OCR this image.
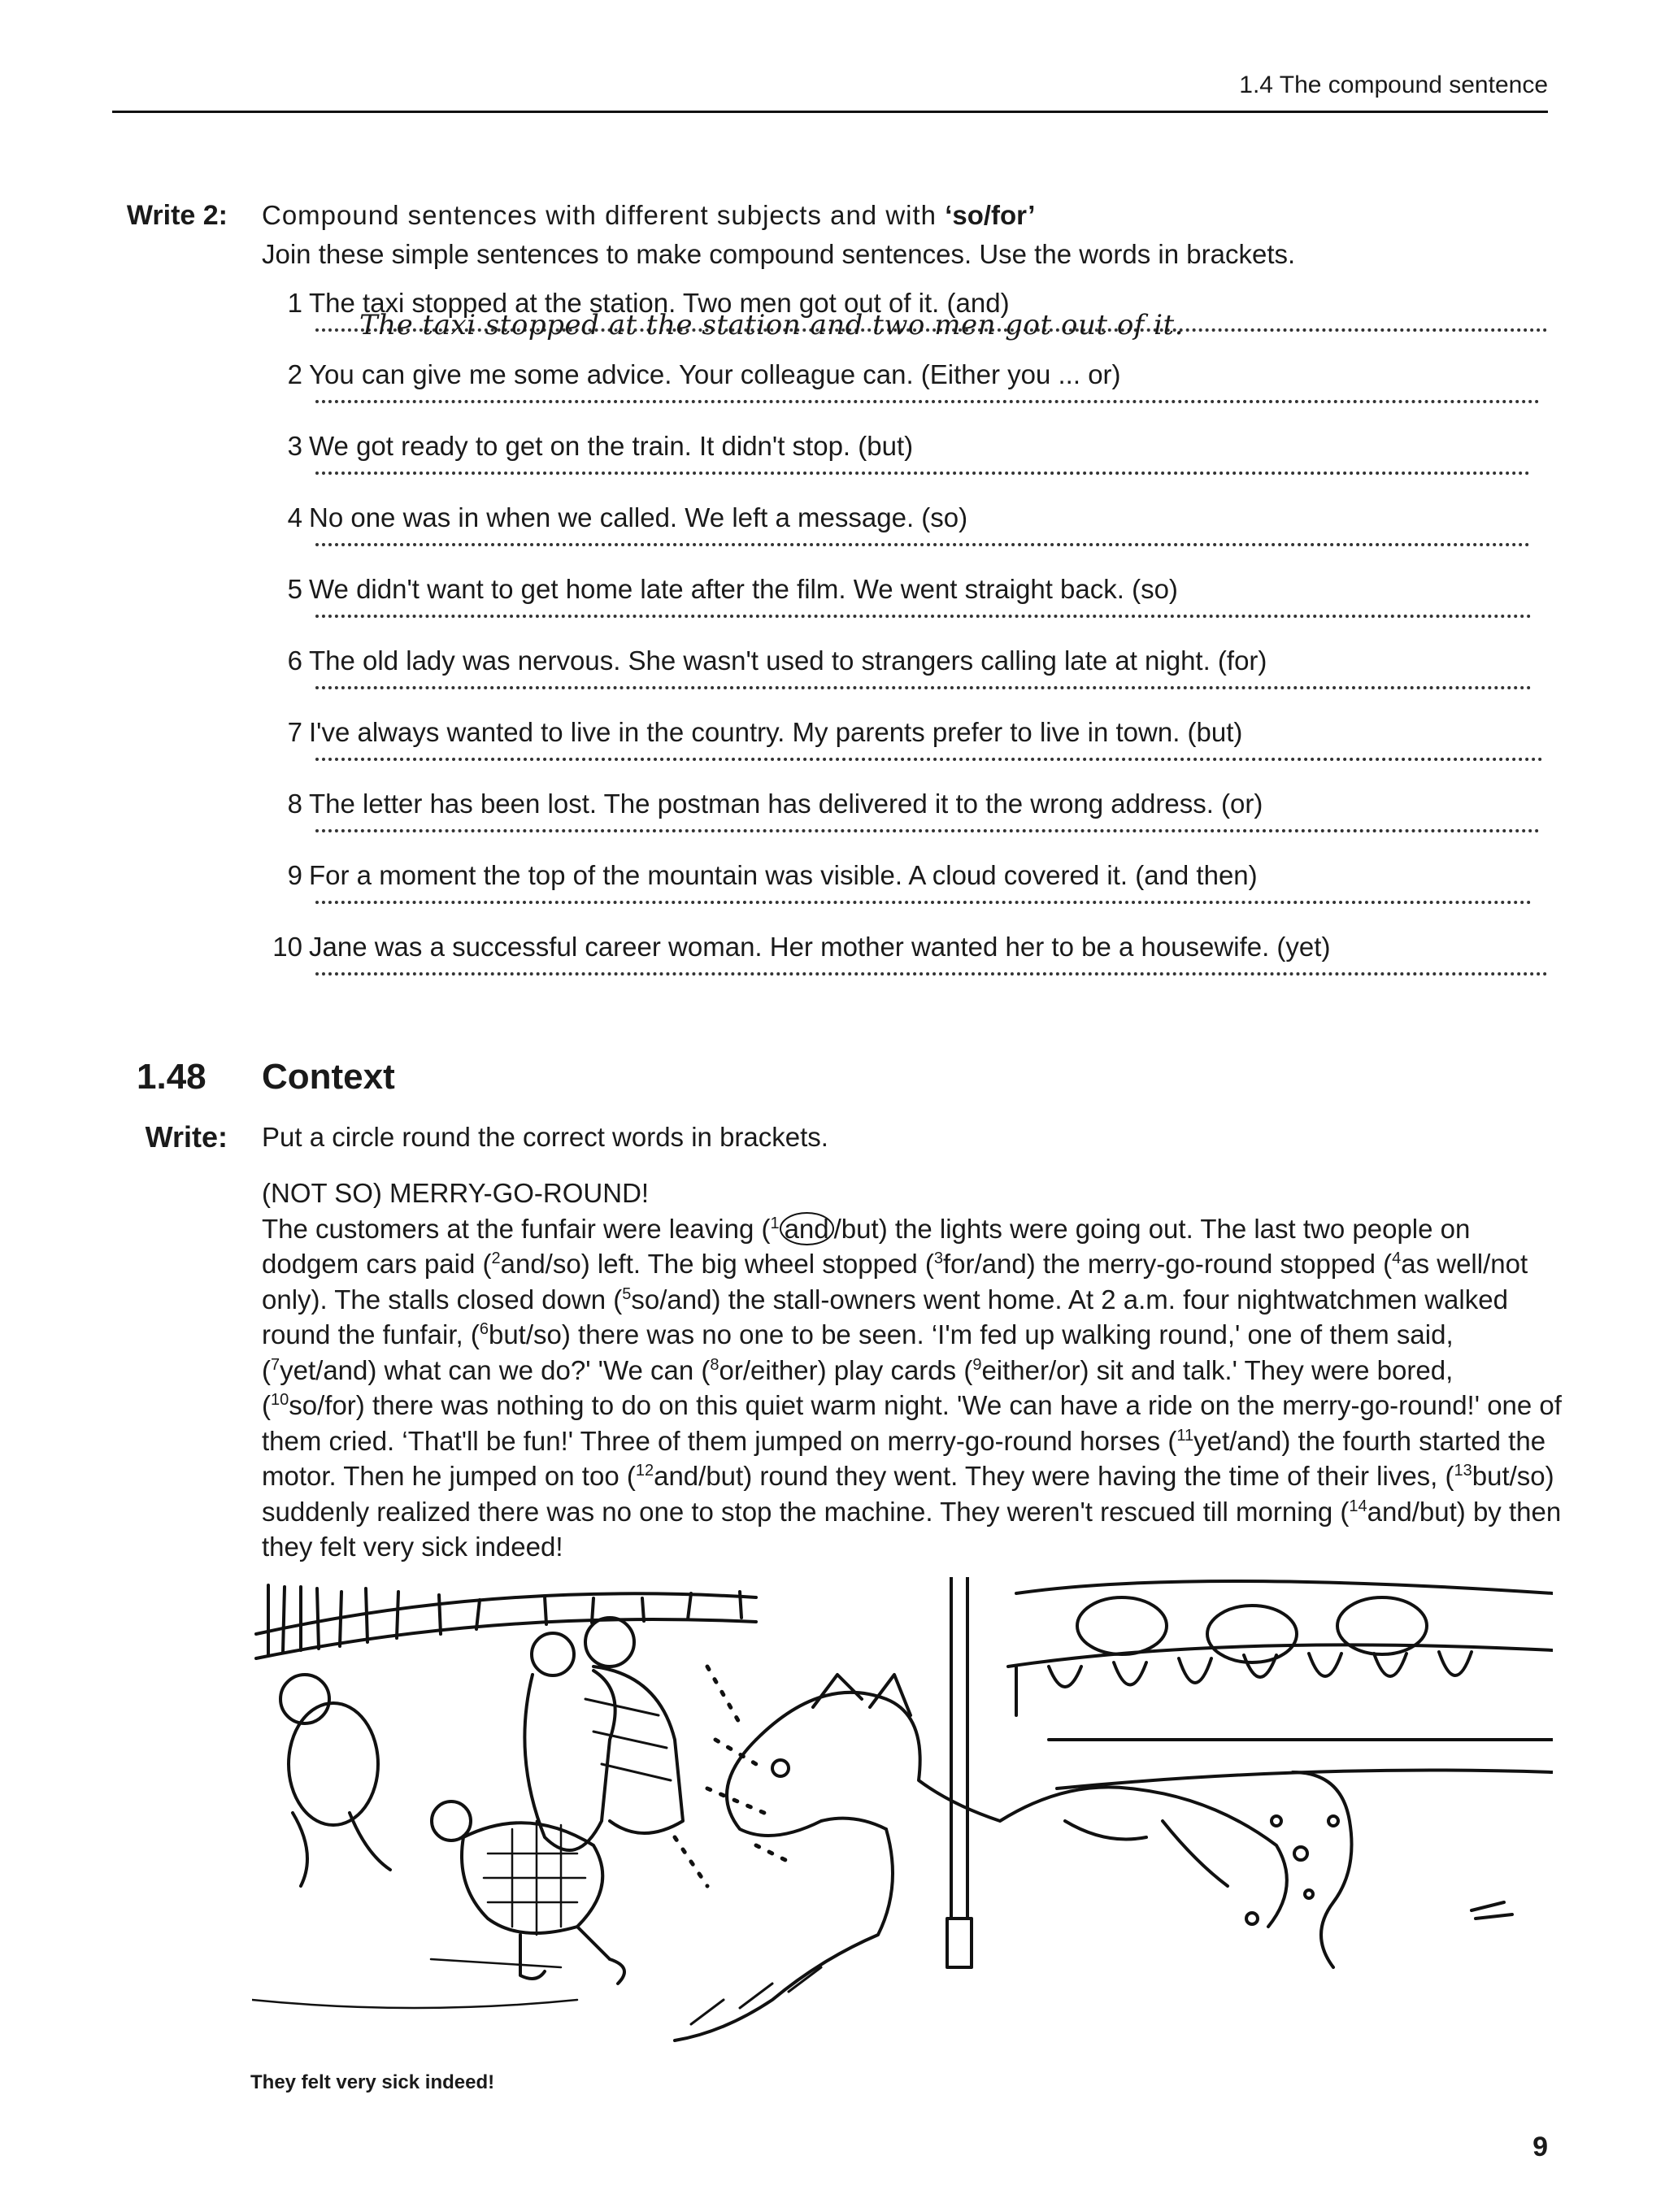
1.4 The compound sentence
Write 2: Compound sentences with different subjects and with ‘so/for’
Join these simple sentences to make compound sentences. Use the words in brackets.
1 The taxi stopped at the station. Two men got out of it. (and)
The taxi stopped at the station and two men got out of it.
2 You can give me some advice. Your colleague can. (Either you ... or)
3 We got ready to get on the train. It didn't stop. (but)
4 No one was in when we called. We left a message. (so)
5 We didn't want to get home late after the film. We went straight back. (so)
6 The old lady was nervous. She wasn't used to strangers calling late at night. (for)
7 I've always wanted to live in the country. My parents prefer to live in town. (but)
8 The letter has been lost. The postman has delivered it to the wrong address. (or)
9 For a moment the top of the mountain was visible. A cloud covered it. (and then)
10 Jane was a successful career woman. Her mother wanted her to be a housewife. (yet)
1.48 Context
Write: Put a circle round the correct words in brackets.

(NOT SO) MERRY-GO-ROUND!

The customers at the funfair were leaving ($^1$ and /but) the lights were going out. The last two people on dodgem cars paid ($^2$and/so) left. The big wheel stopped ($^3$for/and) the merry-go-round stopped ($^4$as well/not only). The stalls closed down ($^5$so/and) the stall-owners went home. At 2 a.m. four nightwatchmen walked round the funfair, ($^6$but/so) there was no one to be seen. ‘I'm fed up walking round,' one of them said, ($^7$yet/and) what can we do?' 'We can ($^8$or/either) play cards ($^9$either/or) sit and talk.' They were bored, ($^{10}$so/for) there was nothing to do on this quiet warm night. 'We can have a ride on the merry-go-round!' one of them cried. ‘That'll be fun!' Three of them jumped on merry-go-round horses ($^{11}$yet/and) the fourth started the motor. Then he jumped on too ($^{12}$and/but) round they went. They were having the time of their lives, ($^{13}$but/so) suddenly realized there was no one to stop the machine. They weren't rescued till morning ($^{14}$and/but) by then they felt very sick indeed!

They felt very sick indeed!
9
